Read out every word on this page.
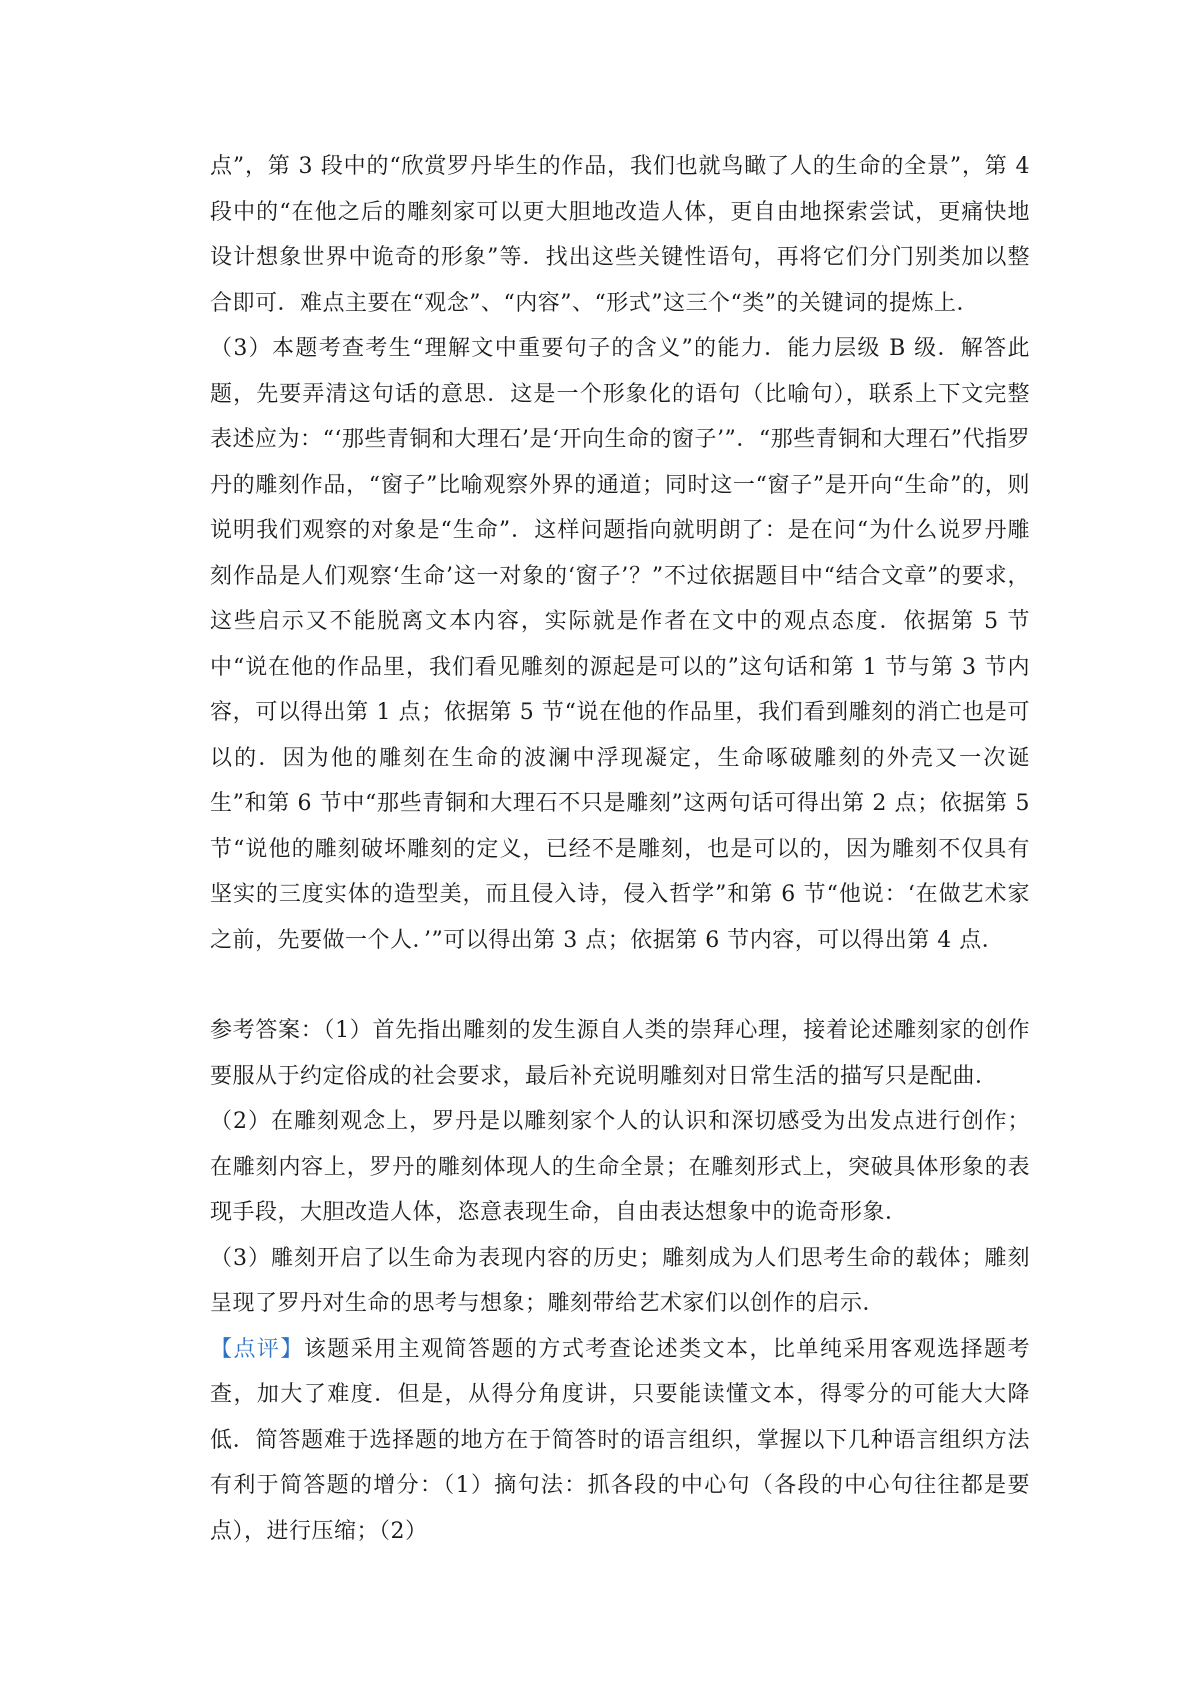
点”，第 3 段中的“欣赏罗丹毕生的作品，我们也就鸟瞰了人的生命的全景”，第 4 段中的“在他之后的雕刻家可以更大胆地改造人体，更自由地探索尝试，更痛快地设计想象世界中诡奇的形象”等．找出这些关键性语句，再将它们分门别类加以整合即可．难点主要在“观念”、“内容”、“形式”这三个“类”的关键词的提炼上．

（3）本题考查考生“理解文中重要句子的含义”的能力．能力层级 B 级．解答此题，先要弄清这句话的意思．这是一个形象化的语句（比喻句），联系上下文完整表述应为：“‘那些青铜和大理石’是‘开向生命的窗子’”．“那些青铜和大理石”代指罗丹的雕刻作品，“窗子”比喻观察外界的通道；同时这一“窗子”是开向“生命”的，则说明我们观察的对象是“生命”．这样问题指向就明朗了：是在问“为什么说罗丹雕刻作品是人们观察‘生命’这一对象的‘窗子’？”不过依据题目中“结合文章”的要求，这些启示又不能脱离文本内容，实际就是作者在文中的观点态度．依据第 5 节中“说在他的作品里，我们看见雕刻的源起是可以的”这句话和第 1 节与第 3 节内容，可以得出第 1 点；依据第 5 节“说在他的作品里，我们看到雕刻的消亡也是可以的．因为他的雕刻在生命的波澜中浮现凝定，生命啄破雕刻的外壳又一次诞生”和第 6 节中“那些青铜和大理石不只是雕刻”这两句话可得出第 2 点；依据第 5 节“说他的雕刻破坏雕刻的定义，已经不是雕刻，也是可以的，因为雕刻不仅具有坚实的三度实体的造型美，而且侵入诗，侵入哲学”和第 6 节“他说：‘在做艺术家之前，先要做一个人．’”可以得出第 3 点；依据第 6 节内容，可以得出第 4 点．

参考答案：（1）首先指出雕刻的发生源自人类的崇拜心理，接着论述雕刻家的创作要服从于约定俗成的社会要求，最后补充说明雕刻对日常生活的描写只是配曲．

（2）在雕刻观念上，罗丹是以雕刻家个人的认识和深切感受为出发点进行创作；在雕刻内容上，罗丹的雕刻体现人的生命全景；在雕刻形式上，突破具体形象的表现手段，大胆改造人体，恣意表现生命，自由表达想象中的诡奇形象．

（3）雕刻开启了以生命为表现内容的历史；雕刻成为人们思考生命的载体；雕刻呈现了罗丹对生命的思考与想象；雕刻带给艺术家们以创作的启示．

【点评】该题采用主观简答题的方式考查论述类文本，比单纯采用客观选择题考查，加大了难度．但是，从得分角度讲，只要能读懂文本，得零分的可能大大降低．简答题难于选择题的地方在于简答时的语言组织，掌握以下几种语言组织方法有利于简答题的增分：（1）摘句法：抓各段的中心句（各段的中心句往往都是要点），进行压缩；（2）
